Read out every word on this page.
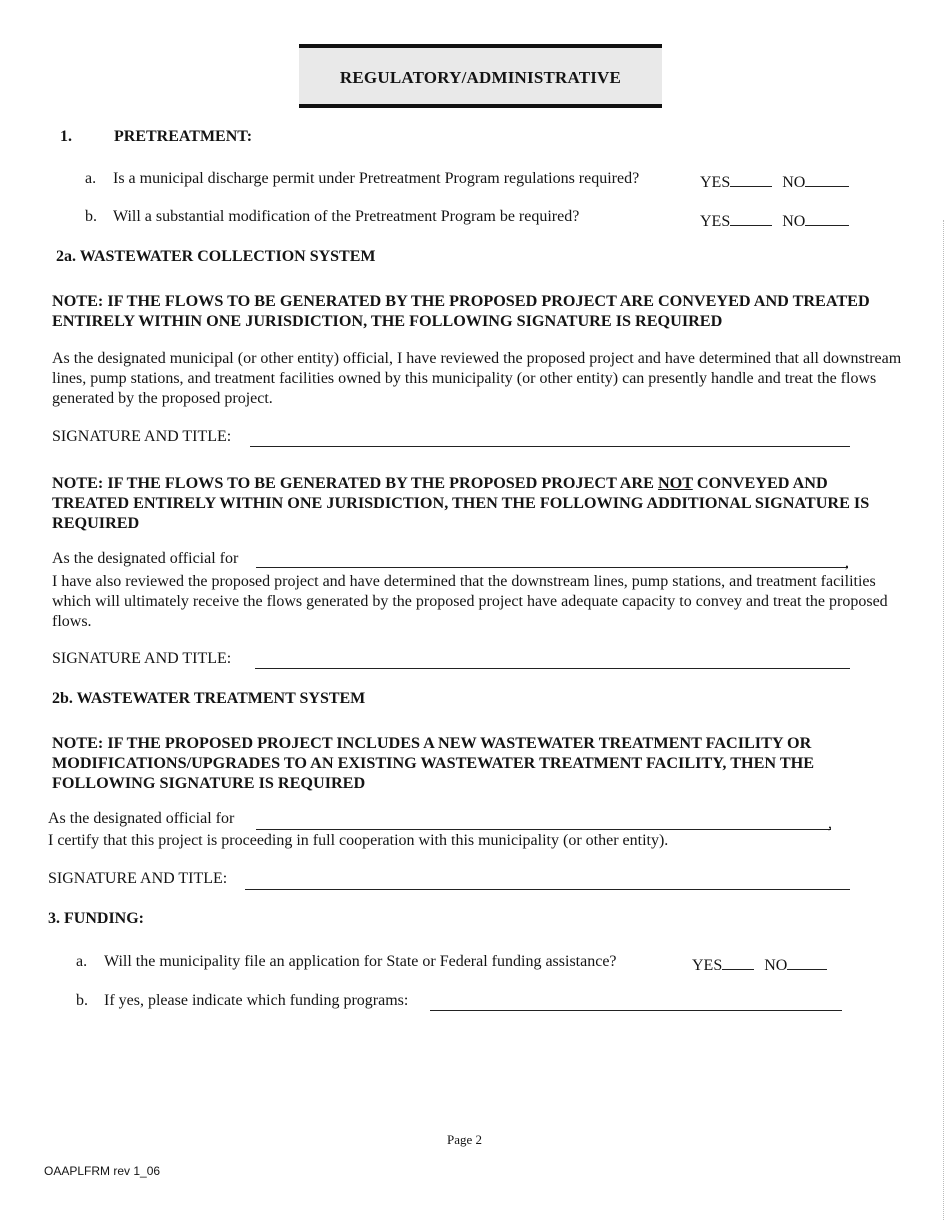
REGULATORY/ADMINISTRATIVE
1.	PRETREATMENT:
a. Is a municipal discharge permit under Pretreatment Program regulations required?	YES	NO
b. Will a substantial modification of the Pretreatment Program be required?	YES	NO
2a. WASTEWATER COLLECTION SYSTEM
NOTE: IF THE FLOWS TO BE GENERATED BY THE PROPOSED PROJECT ARE CONVEYED AND TREATED ENTIRELY WITHIN ONE JURISDICTION, THE FOLLOWING SIGNATURE IS REQUIRED
As the designated municipal (or other entity) official, I have reviewed the proposed project and have determined that all downstream lines, pump stations, and treatment facilities owned by this municipality (or other entity) can presently handle and treat the flows generated by the proposed project.
SIGNATURE AND TITLE:
NOTE: IF THE FLOWS TO BE GENERATED BY THE PROPOSED PROJECT ARE NOT CONVEYED AND TREATED ENTIRELY WITHIN ONE JURISDICTION, THEN THE FOLLOWING ADDITIONAL SIGNATURE IS REQUIRED
As the designated official for	,
I have also reviewed the proposed project and have determined that the downstream lines, pump stations, and treatment facilities which will ultimately receive the flows generated by the proposed project have adequate capacity to convey and treat the proposed flows.
SIGNATURE AND TITLE:
2b. WASTEWATER TREATMENT SYSTEM
NOTE: IF THE PROPOSED PROJECT INCLUDES A NEW WASTEWATER TREATMENT FACILITY OR MODIFICATIONS/UPGRADES TO AN EXISTING WASTEWATER TREATMENT FACILITY, THEN THE FOLLOWING SIGNATURE IS REQUIRED
As the designated official for	,
I certify that this project is proceeding in full cooperation with this municipality (or other entity).
SIGNATURE AND TITLE:
3. FUNDING:
a. Will the municipality file an application for State or Federal funding assistance?	YES	NO
b. If yes, please indicate which funding programs:
Page 2
OAAPLFRM rev 1_06
